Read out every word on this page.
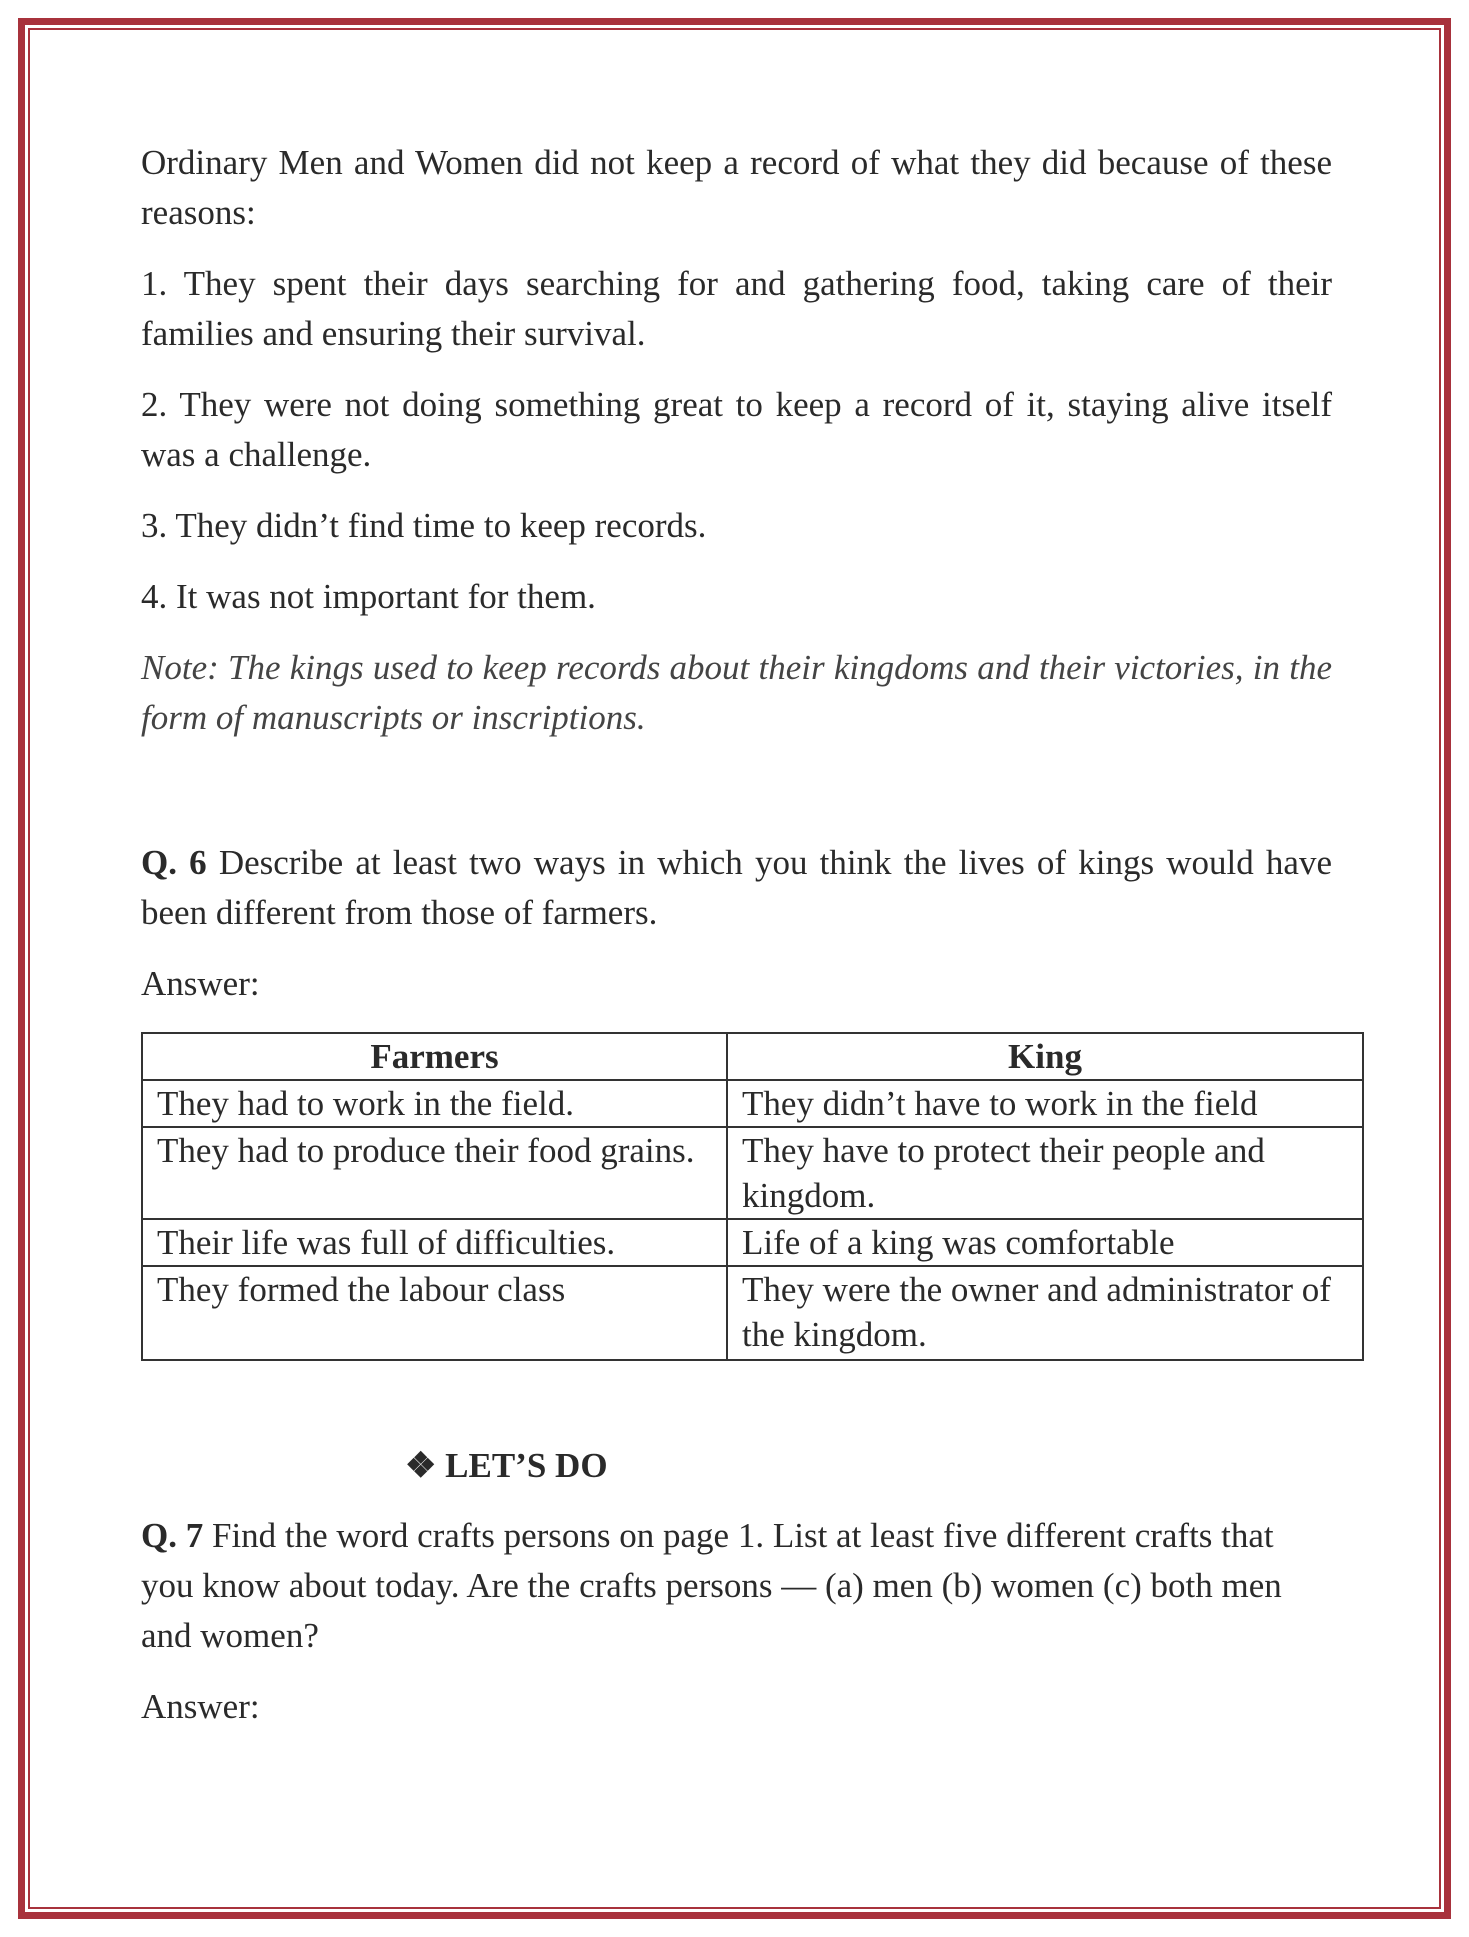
Ordinary Men and Women did not keep a record of what they did because of these reasons:

1. They spent their days searching for and gathering food, taking care of their families and ensuring their survival.

2. They were not doing something great to keep a record of it, staying alive itself was a challenge.

3. They didn’t find time to keep records.

4. It was not important for them.

Note: The kings used to keep records about their kingdoms and their victories, in the form of manuscripts or inscriptions.

Q. 6 Describe at least two ways in which you think the lives of kings would have been different from those of farmers.

Answer:

Farmers	King
They had to work in the field.	They didn’t have to work in the field
They had to produce their food grains.	They have to protect their people and kingdom.
Their life was full of difficulties.	Life of a king was comfortable
They formed the labour class	They were the owner and administrator of the kingdom.
❖ LET’S DO

Q. 7 Find the word crafts persons on page 1. List at least five different crafts that you know about today. Are the crafts persons — (a) men (b) women (c) both men and women?

Answer:
